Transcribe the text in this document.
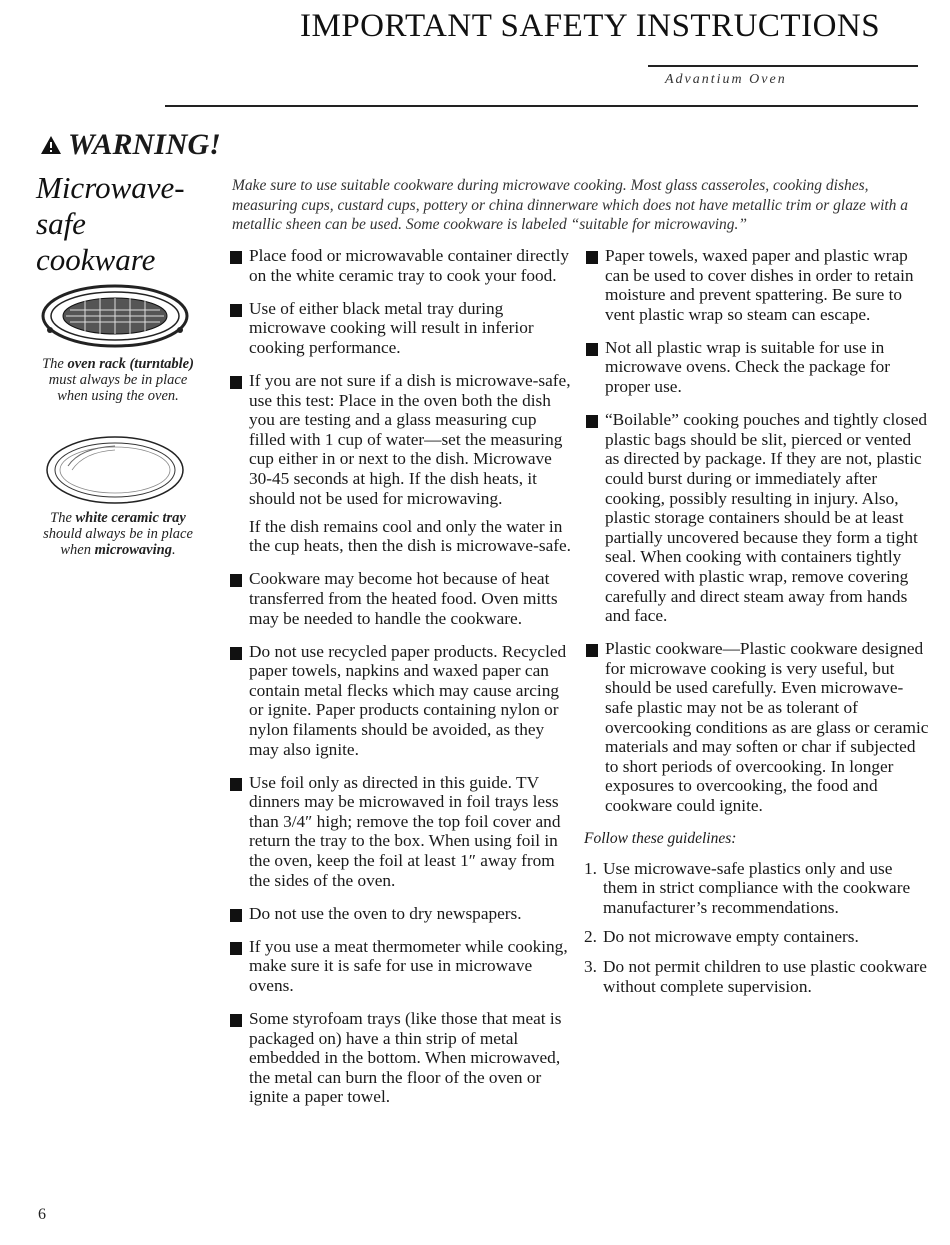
IMPORTANT SAFETY INSTRUCTIONS
Advantium Oven
WARNING!
Microwave-
safe
cookware
The oven rack (turntable) must always be in place when using the oven.
The white ceramic tray should always be in place when microwaving.
Make sure to use suitable cookware during microwave cooking. Most glass casseroles, cooking dishes, measuring cups, custard cups, pottery or china dinnerware which does not have metallic trim or glaze with a metallic sheen can be used. Some cookware is labeled “suitable for microwaving.”
Place food or microwavable container directly on the white ceramic tray to cook your food.
Use of either black metal tray during microwave cooking will result in inferior cooking performance.
If you are not sure if a dish is microwave-safe, use this test: Place in the oven both the dish you are testing and a glass measuring cup filled with 1 cup of water—set the measuring cup either in or next to the dish. Microwave 30-45 seconds at high. If the dish heats, it should not be used for microwaving.
If the dish remains cool and only the water in the cup heats, then the dish is microwave-safe.
Cookware may become hot because of heat transferred from the heated food. Oven mitts may be needed to handle the cookware.
Do not use recycled paper products. Recycled paper towels, napkins and waxed paper can contain metal flecks which may cause arcing or ignite. Paper products containing nylon or nylon filaments should be avoided, as they may also ignite.
Use foil only as directed in this guide. TV dinners may be microwaved in foil trays less than 3/4″ high; remove the top foil cover and return the tray to the box. When using foil in the oven, keep the foil at least 1″ away from the sides of the oven.
Do not use the oven to dry newspapers.
If you use a meat thermometer while cooking, make sure it is safe for use in microwave ovens.
Some styrofoam trays (like those that meat is packaged on) have a thin strip of metal embedded in the bottom. When microwaved, the metal can burn the floor of the oven or ignite a paper towel.
Paper towels, waxed paper and plastic wrap can be used to cover dishes in order to retain moisture and prevent spattering. Be sure to vent plastic wrap so steam can escape.
Not all plastic wrap is suitable for use in microwave ovens. Check the package for proper use.
“Boilable” cooking pouches and tightly closed plastic bags should be slit, pierced or vented as directed by package. If they are not, plastic could burst during or immediately after cooking, possibly resulting in injury. Also, plastic storage containers should be at least partially uncovered because they form a tight seal. When cooking with containers tightly covered with plastic wrap, remove covering carefully and direct steam away from hands and face.
Plastic cookware—Plastic cookware designed for microwave cooking is very useful, but should be used carefully. Even microwave-safe plastic may not be as tolerant of overcooking conditions as are glass or ceramic materials and may soften or char if subjected to short periods of overcooking. In longer exposures to overcooking, the food and cookware could ignite.
Follow these guidelines:
1. Use microwave-safe plastics only and use them in strict compliance with the cookware manufacturer’s recommendations.
2. Do not microwave empty containers.
3. Do not permit children to use plastic cookware without complete supervision.
6
